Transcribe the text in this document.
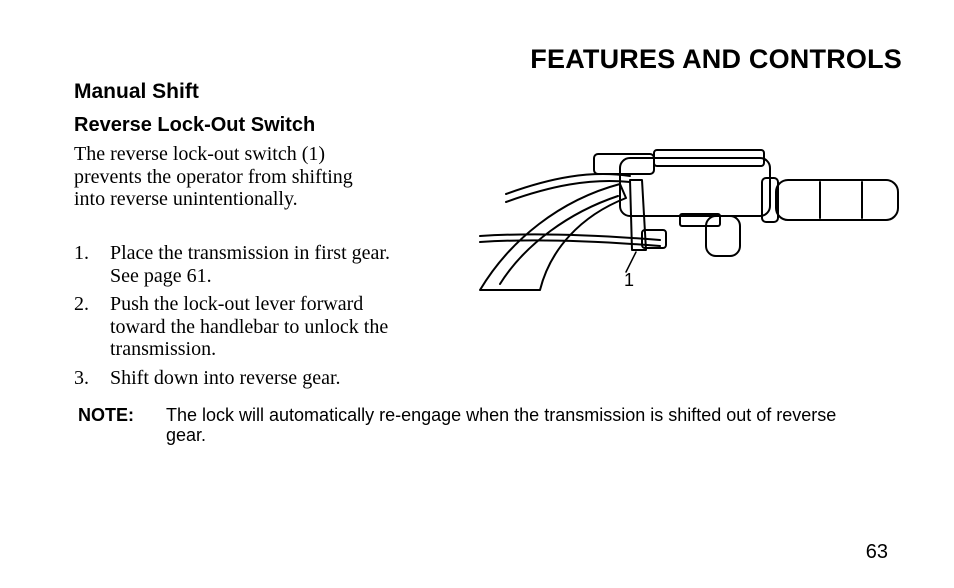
FEATURES AND CONTROLS
Manual Shift
Reverse Lock-Out Switch

The reverse lock-out switch (1) prevents the operator from shifting into reverse unintentionally.

1.	Place the transmission in first gear. See page 61.
2.	Push the lock-out lever forward toward the handlebar to unlock the transmission.
3.	Shift down into reverse gear.
1
NOTE:	The lock will automatically re-engage when the transmission is shifted out of reverse gear.
63
